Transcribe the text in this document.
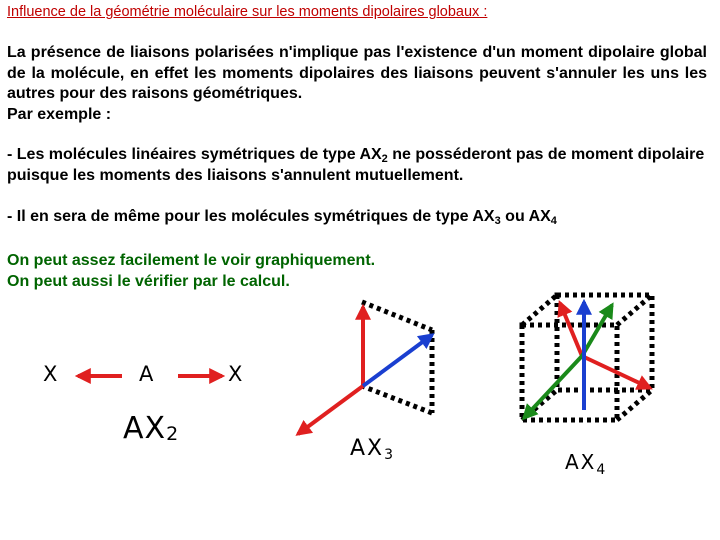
Influence de la géométrie moléculaire sur les moments dipolaires globaux :
La présence de liaisons polarisées n'implique pas l'existence d'un moment dipolaire global de la molécule, en effet les moments dipolaires des liaisons peuvent s'annuler les uns les autres pour des raisons géométriques.
Par exemple :
- Les molécules linéaires symétriques de type $AX_2$ ne posséderont pas de moment dipolaire puisque les moments des liaisons s'annulent mutuellement.
- Il en sera de même pour les molécules symétriques de type $AX_3$ ou $AX_4$
On peut assez facilement le voir graphiquement.
On peut aussi le vérifier par le calcul.
X	A	X
$AX_2$
$AX_3$	$AX_4$
